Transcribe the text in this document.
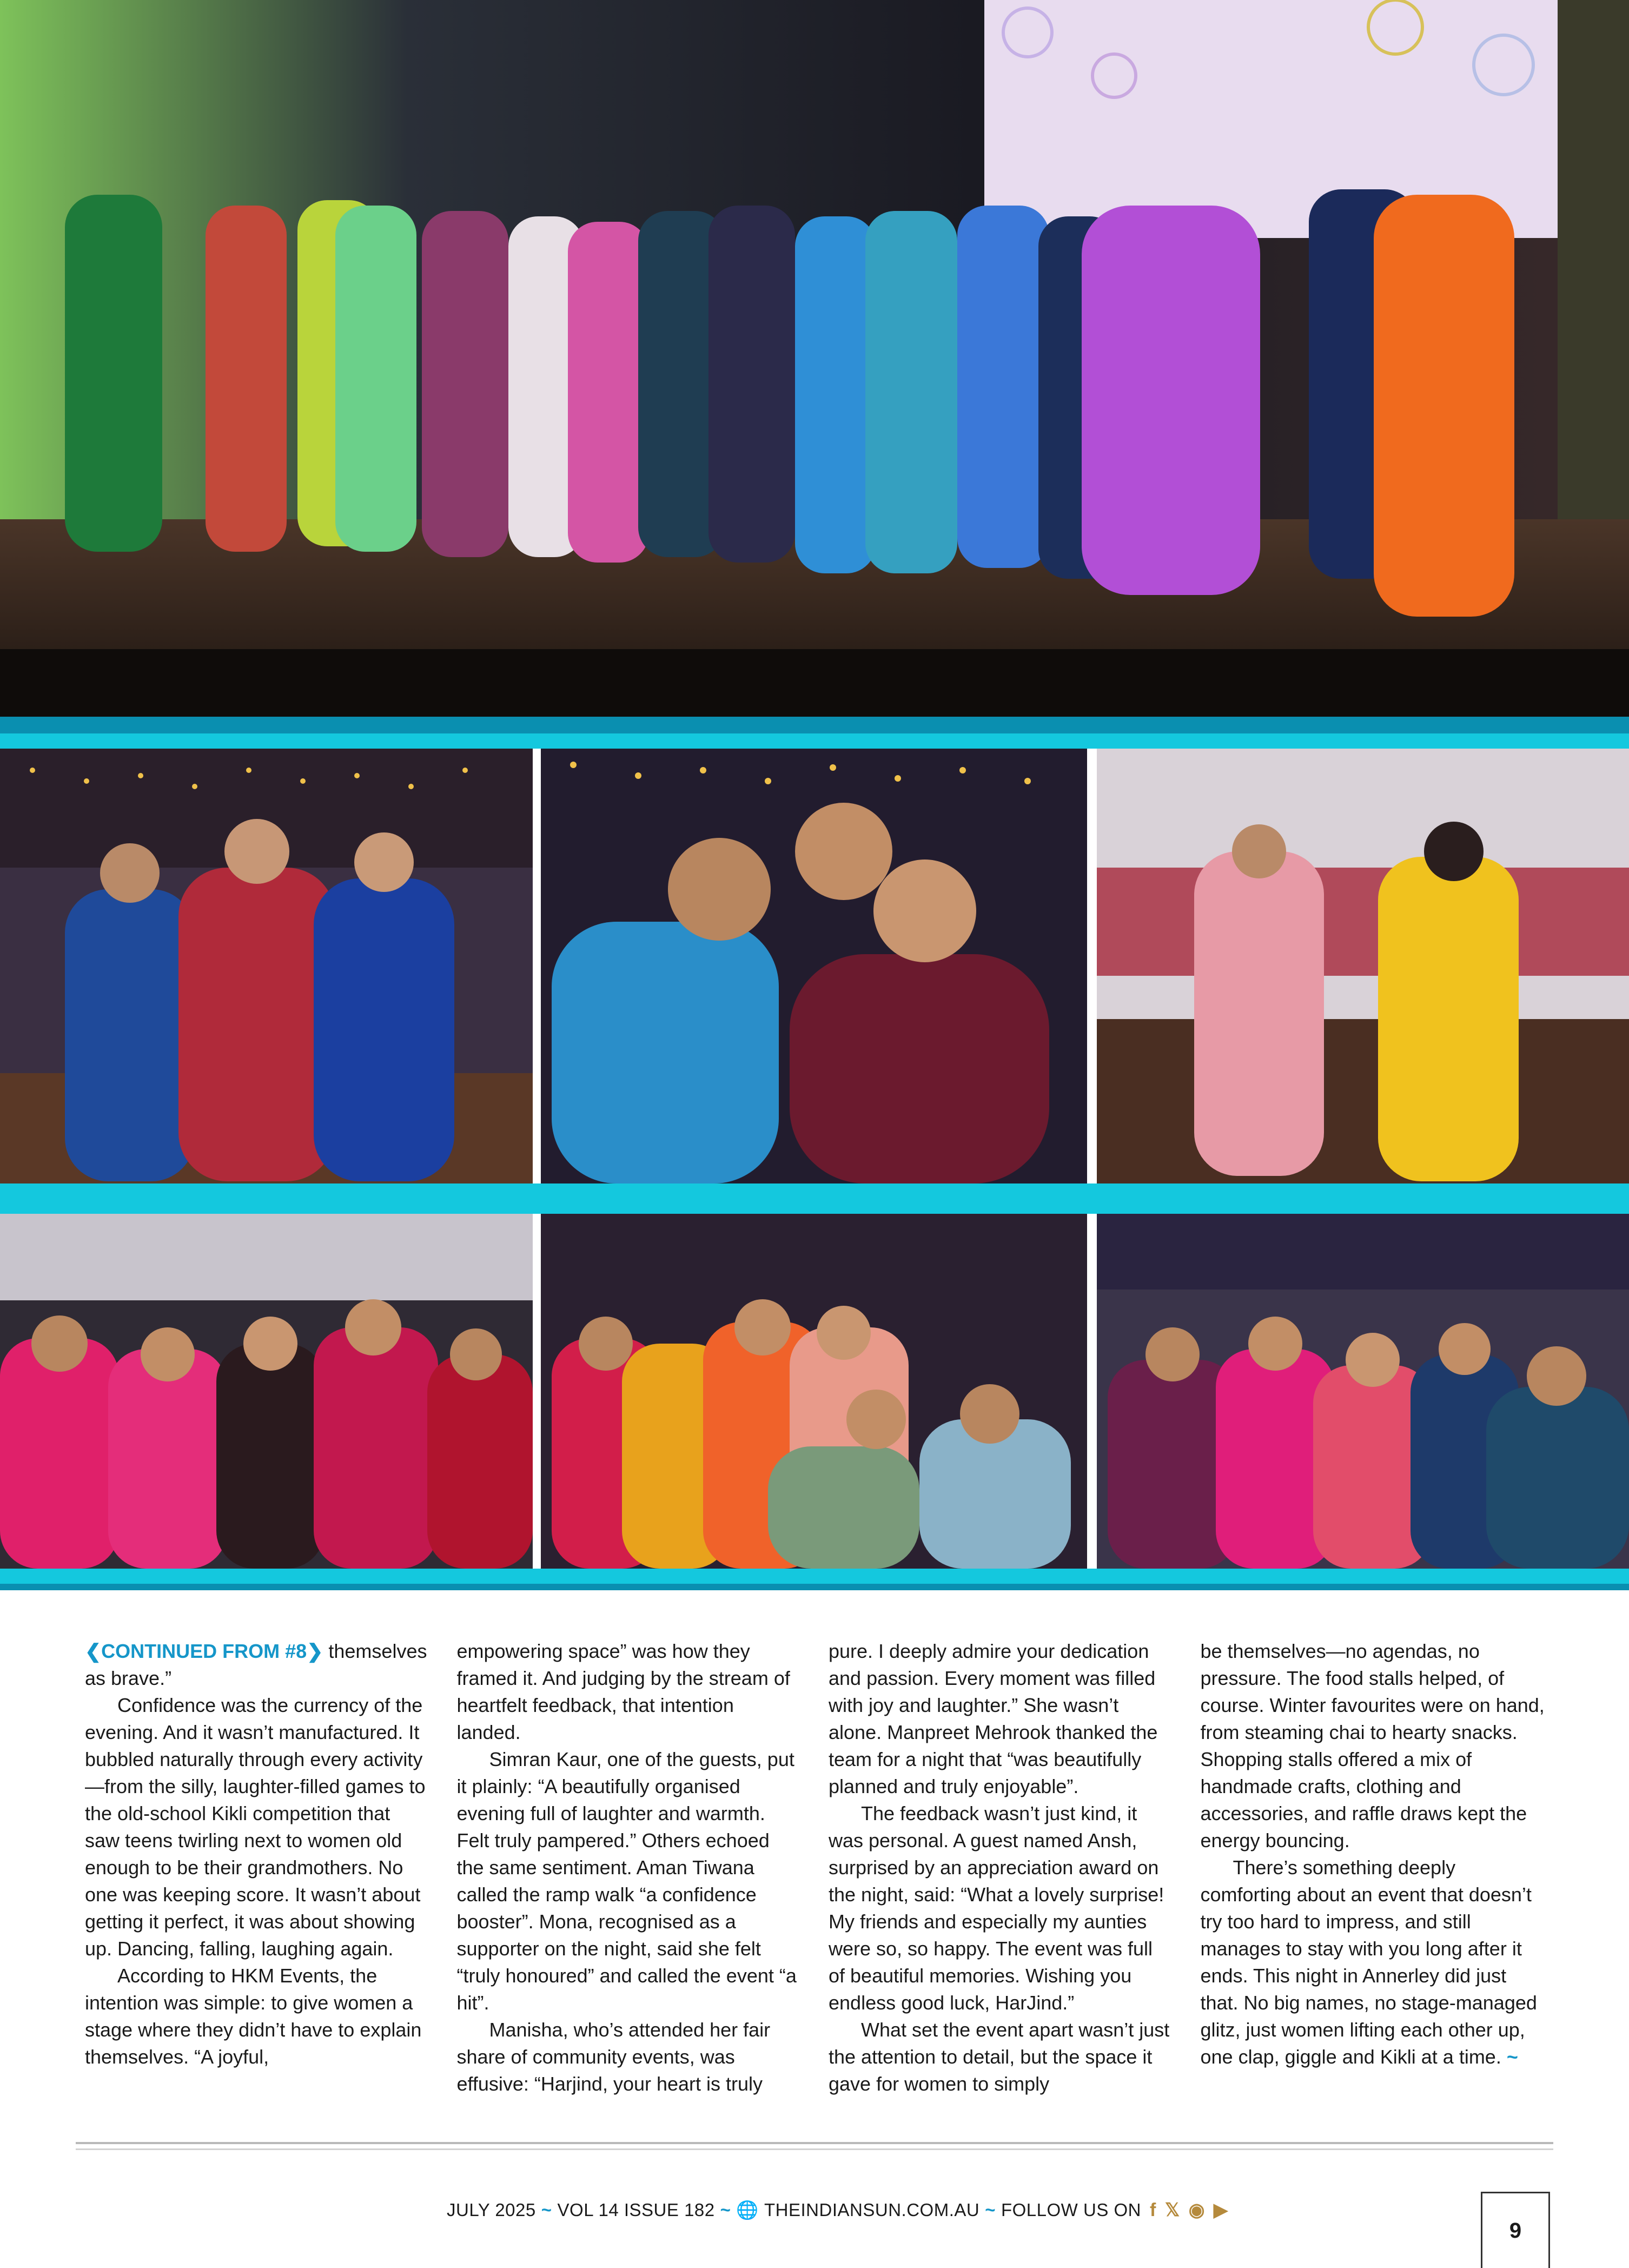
❮CONTINUED FROM #8❯ themselves as brave.”

Confidence was the currency of the evening. And it wasn’t manufactured. It bubbled naturally through every activity—from the silly, laughter-filled games to the old-school Kikli competition that saw teens twirling next to women old enough to be their grandmothers. No one was keeping score. It wasn’t about getting it perfect, it was about showing up. Dancing, falling, laughing again.

According to HKM Events, the intention was simple: to give women a stage where they didn’t have to explain themselves. “A joyful,

empowering space” was how they framed it. And judging by the stream of heartfelt feedback, that intention landed.

Simran Kaur, one of the guests, put it plainly: “A beautifully organised evening full of laughter and warmth. Felt truly pampered.” Others echoed the same sentiment. Aman Tiwana called the ramp walk “a confidence booster”. Mona, recognised as a supporter on the night, said she felt “truly honoured” and called the event “a hit”.

Manisha, who’s attended her fair share of community events, was effusive: “Harjind, your heart is truly

pure. I deeply admire your dedication and passion. Every moment was filled with joy and laughter.” She wasn’t alone. Manpreet Mehrook thanked the team for a night that “was beautifully planned and truly enjoyable”.

The feedback wasn’t just kind, it was personal. A guest named Ansh, surprised by an appreciation award on the night, said: “What a lovely surprise! My friends and especially my aunties were so, so happy. The event was full of beautiful memories. Wishing you endless good luck, HarJind.”

What set the event apart wasn’t just the attention to detail, but the space it gave for women to simply

be themselves—no agendas, no pressure. The food stalls helped, of course. Winter favourites were on hand, from steaming chai to hearty snacks. Shopping stalls offered a mix of handmade crafts, clothing and accessories, and raffle draws kept the energy bouncing.

There’s something deeply comforting about an event that doesn’t try too hard to impress, and still manages to stay with you long after it ends. This night in Annerley did just that. No big names, no stage-managed glitz, just women lifting each other up, one clap, giggle and Kikli at a time. ~

JULY 2025 ~ VOL 14 ISSUE 182 ~ 🌐 THEINDIANSUN.COM.AU ~ FOLLOW US ON f 𝕏 ◉ ▶
9
